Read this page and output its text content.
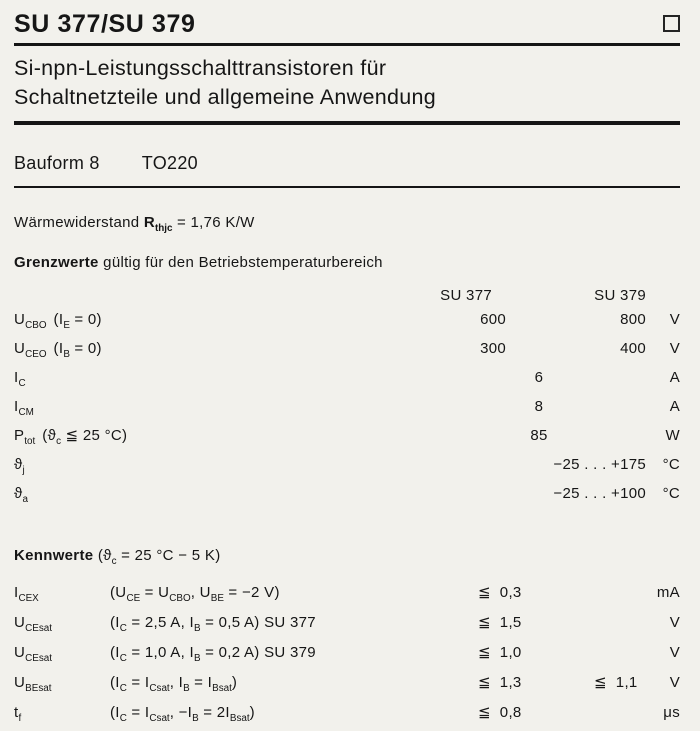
SU 377/SU 379
Si-npn-Leistungsschalttransistoren für
Schaltnetzteile und allgemeine Anwendung
Bauform 8 TO220
Wärmewiderstand $R_{thjc} = 1,76$ K/W
Grenzwerte gültig für den Betriebstemperaturbereich
SU 377	SU 379
$U_{CBO}$ $(I_E = 0)$	600	800	V
$U_{CEO}$ $(I_B = 0)$	300	400	V
$I_C$	6	A
$I_{CM}$	8	A
$P_{tot}$ ($ϑ_c$ ≦ 25 °C)	85	W
$ϑ_j$	−25 . . . +175	°C
$ϑ_a$	−25 . . . +100	°C
Kennwerte ($ϑ_c = 25$ °C − 5 K)
$I_{CEX}$	($U_{CE} = U_{CBO}$, $U_{BE} = -2$ V)	≦  0,3	mA
$U_{CEsat}$	($I_C = 2,5$ A, $I_B = 0,5$ A) SU 377	≦  1,5	V
$U_{CEsat}$	($I_C = 1,0$ A, $I_B = 0,2$ A) SU 379	≦  1,0	V
$U_{BEsat}$	($I_C = I_{Csat}$, $I_B = I_{Bsat}$)	≦  1,3	≦  1,1	V
$t_f$	($I_C = I_{Csat}$, $-I_B = 2I_{Bsat}$)	≦  0,8	μs
